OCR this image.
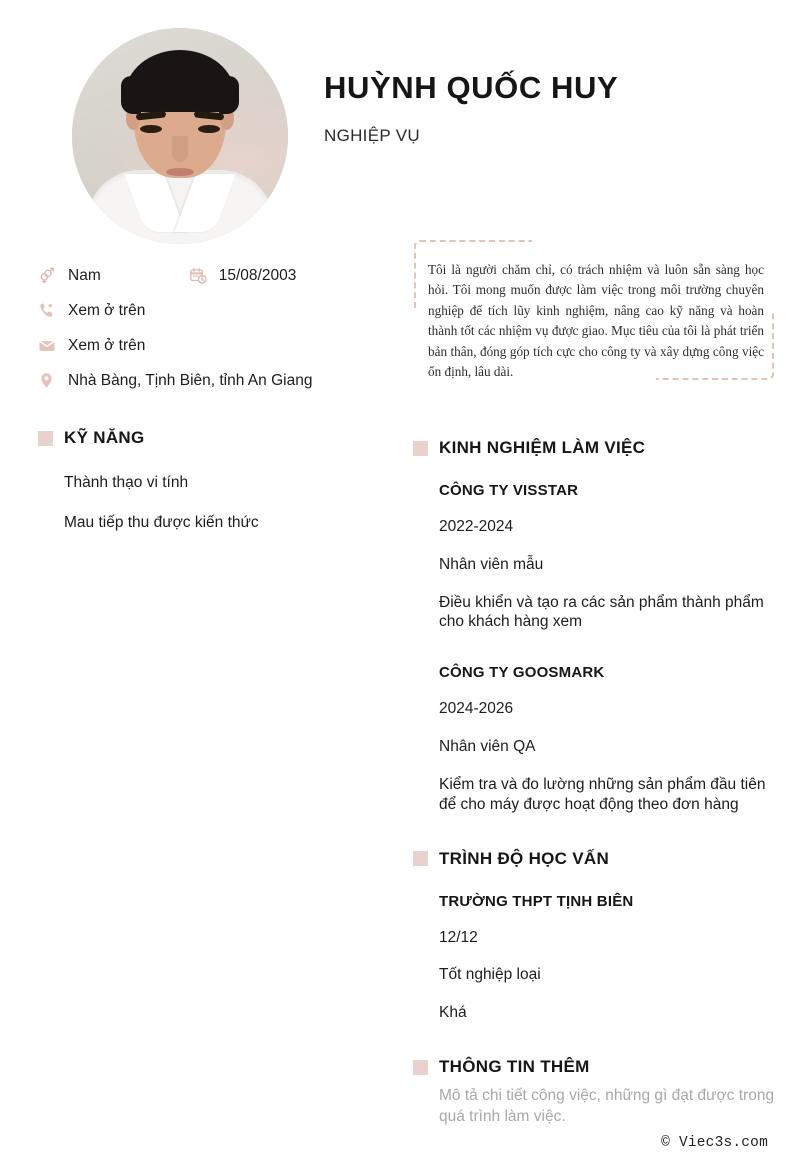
HUỲNH QUỐC HUY
NGHIỆP VỤ
Nam	15/08/2003
Xem ở trên
Xem ở trên
Nhà Bàng, Tịnh Biên, tỉnh An Giang
Tôi là người chăm chỉ, có trách nhiệm và luôn sẵn sàng học hỏi. Tôi mong muốn được làm việc trong môi trường chuyên nghiệp để tích lũy kinh nghiệm, nâng cao kỹ năng và hoàn thành tốt các nhiệm vụ được giao. Mục tiêu của tôi là phát triển bản thân, đóng góp tích cực cho công ty và xây dựng công việc ổn định, lâu dài.
KỸ NĂNG
Thành thạo vi tính
Mau tiếp thu được kiến thức
KINH NGHIỆM LÀM VIỆC
CÔNG TY VISSTAR
2022-2024
Nhân viên mẫu
Điều khiển và tạo ra các sản phẩm thành phẩm cho khách hàng xem
CÔNG TY GOOSMARK
2024-2026
Nhân viên QA
Kiểm tra và đo lường những sản phẩm đầu tiên để cho máy được hoạt động theo đơn hàng
TRÌNH ĐỘ HỌC VẤN
TRƯỜNG THPT TỊNH BIÊN
12/12
Tốt nghiệp loại
Khá
THÔNG TIN THÊM
Mô tả chi tiết công việc, những gì đạt được trong quá trình làm việc.
© Viec3s.com
